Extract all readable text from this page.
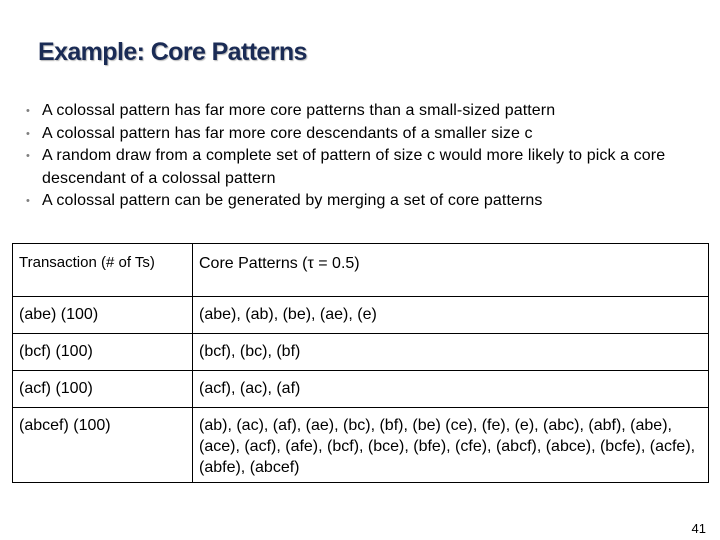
Example: Core Patterns
• A colossal pattern has far more core patterns than a small-sized pattern
• A colossal pattern has far more core descendants of a smaller size c
• A random draw from a complete set of pattern of size c would more likely to pick a core descendant of a colossal pattern
• A colossal pattern can be generated by merging a set of core patterns
Transaction (# of Ts)	Core Patterns (τ = 0.5)
(abe) (100)	(abe), (ab), (be), (ae), (e)
(bcf) (100)	(bcf), (bc), (bf)
(acf) (100)	(acf), (ac), (af)
(abcef) (100)	(ab), (ac), (af), (ae), (bc), (bf), (be) (ce), (fe), (e), (abc), (abf), (abe), (ace), (acf), (afe), (bcf), (bce), (bfe), (cfe), (abcf), (abce), (bcfe), (acfe), (abfe), (abcef)
41
